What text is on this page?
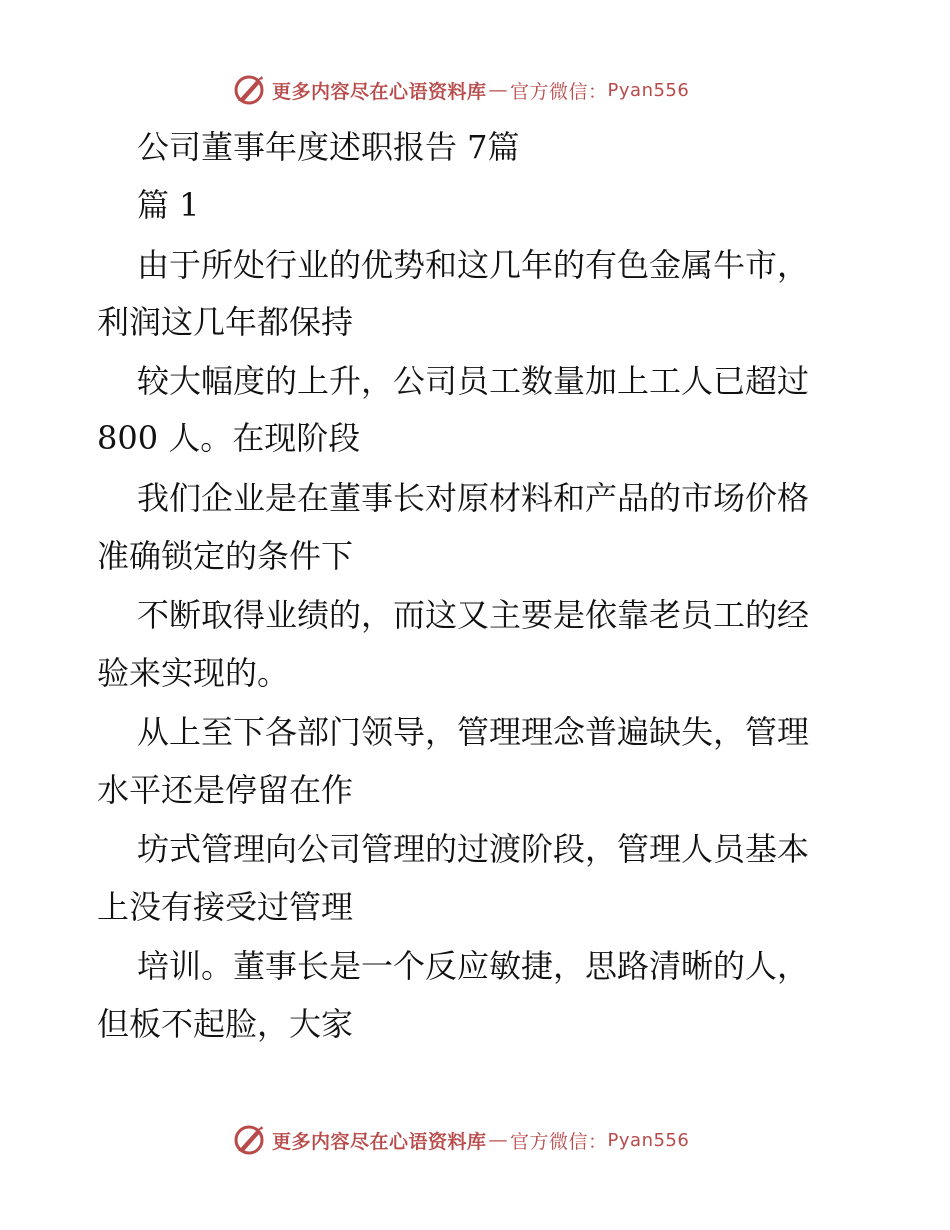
更多内容尽在心语资料库 — 官方微信： Pyan556
公司董事年度述职报告 7篇
篇 1
由于所处行业的优势和这几年的有色金属牛市，
利润这几年都保持
较大幅度的上升，公司员工数量加上工人已超过
800 人。在现阶段
我们企业是在董事长对原材料和产品的市场价格
准确锁定的条件下
不断取得业绩的，而这又主要是依靠老员工的经
验来实现的。
从上至下各部门领导，管理理念普遍缺失，管理
水平还是停留在作
坊式管理向公司管理的过渡阶段，管理人员基本
上没有接受过管理
培训。董事长是一个反应敏捷，思路清晰的人，
但板不起脸，大家
更多内容尽在心语资料库 — 官方微信： Pyan556
